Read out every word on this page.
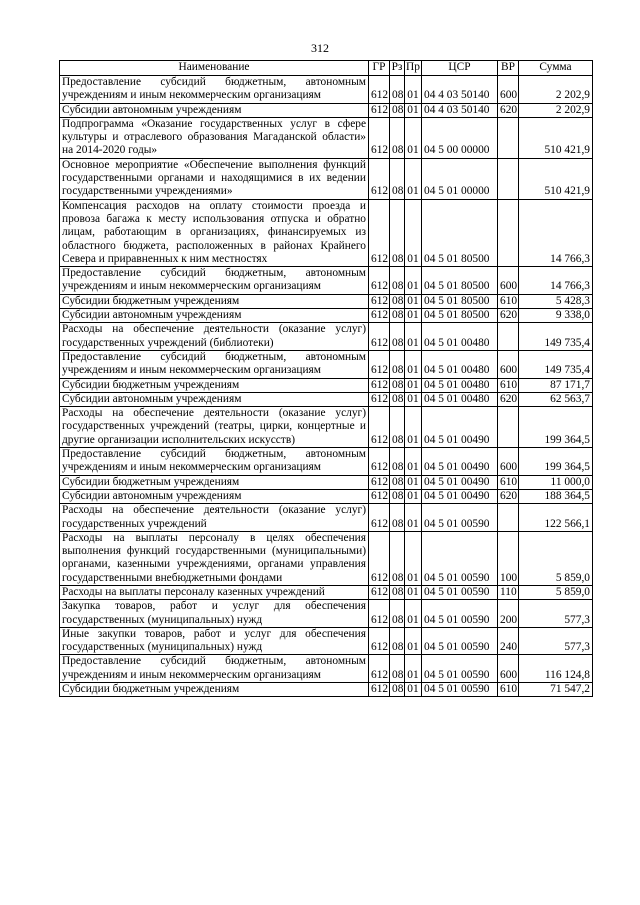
312
Наименование	ГР	Рз	Пр	ЦСР	ВР	Сумма
Предоставление субсидий бюджетным, автономным учреждениям и иным некоммерческим организациям	612	08	01	04 4 03 50140	600	2 202,9
Субсидии автономным учреждениям	612	08	01	04 4 03 50140	620	2 202,9
Подпрограмма «Оказание государственных услуг в сфере культуры и отраслевого образования Магаданской области» на 2014-2020 годы»	612	08	01	04 5 00 00000		510 421,9
Основное мероприятие «Обеспечение выполнения функций государственными органами и находящимися в их ведении государственными учреждениями»	612	08	01	04 5 01 00000		510 421,9
Компенсация расходов на оплату стоимости проезда и провоза багажа к месту использования отпуска и обратно лицам, работающим в организациях, финансируемых из областного бюджета, расположенных в районах Крайнего Севера и приравненных к ним местностях	612	08	01	04 5 01 80500		14 766,3
Предоставление субсидий бюджетным, автономным учреждениям и иным некоммерческим организациям	612	08	01	04 5 01 80500	600	14 766,3
Субсидии бюджетным учреждениям	612	08	01	04 5 01 80500	610	5 428,3
Субсидии автономным учреждениям	612	08	01	04 5 01 80500	620	9 338,0
Расходы на обеспечение деятельности (оказание услуг) государственных учреждений (библиотеки)	612	08	01	04 5 01 00480		149 735,4
Предоставление субсидий бюджетным, автономным учреждениям и иным некоммерческим организациям	612	08	01	04 5 01 00480	600	149 735,4
Субсидии бюджетным учреждениям	612	08	01	04 5 01 00480	610	87 171,7
Субсидии автономным учреждениям	612	08	01	04 5 01 00480	620	62 563,7
Расходы на обеспечение деятельности (оказание услуг) государственных учреждений (театры, цирки, концертные и другие организации исполнительских искусств)	612	08	01	04 5 01 00490		199 364,5
Предоставление субсидий бюджетным, автономным учреждениям и иным некоммерческим организациям	612	08	01	04 5 01 00490	600	199 364,5
Субсидии бюджетным учреждениям	612	08	01	04 5 01 00490	610	11 000,0
Субсидии автономным учреждениям	612	08	01	04 5 01 00490	620	188 364,5
Расходы на обеспечение деятельности (оказание услуг) государственных учреждений	612	08	01	04 5 01 00590		122 566,1
Расходы на выплаты персоналу в целях обеспечения выполнения функций государственными (муниципальными) органами, казенными учреждениями, органами управления государственными внебюджетными фондами	612	08	01	04 5 01 00590	100	5 859,0
Расходы на выплаты персоналу казенных учреждений	612	08	01	04 5 01 00590	110	5 859,0
Закупка товаров, работ и услуг для обеспечения государственных (муниципальных) нужд	612	08	01	04 5 01 00590	200	577,3
Иные закупки товаров, работ и услуг для обеспечения государственных (муниципальных) нужд	612	08	01	04 5 01 00590	240	577,3
Предоставление субсидий бюджетным, автономным учреждениям и иным некоммерческим организациям	612	08	01	04 5 01 00590	600	116 124,8
Субсидии бюджетным учреждениям	612	08	01	04 5 01 00590	610	71 547,2
